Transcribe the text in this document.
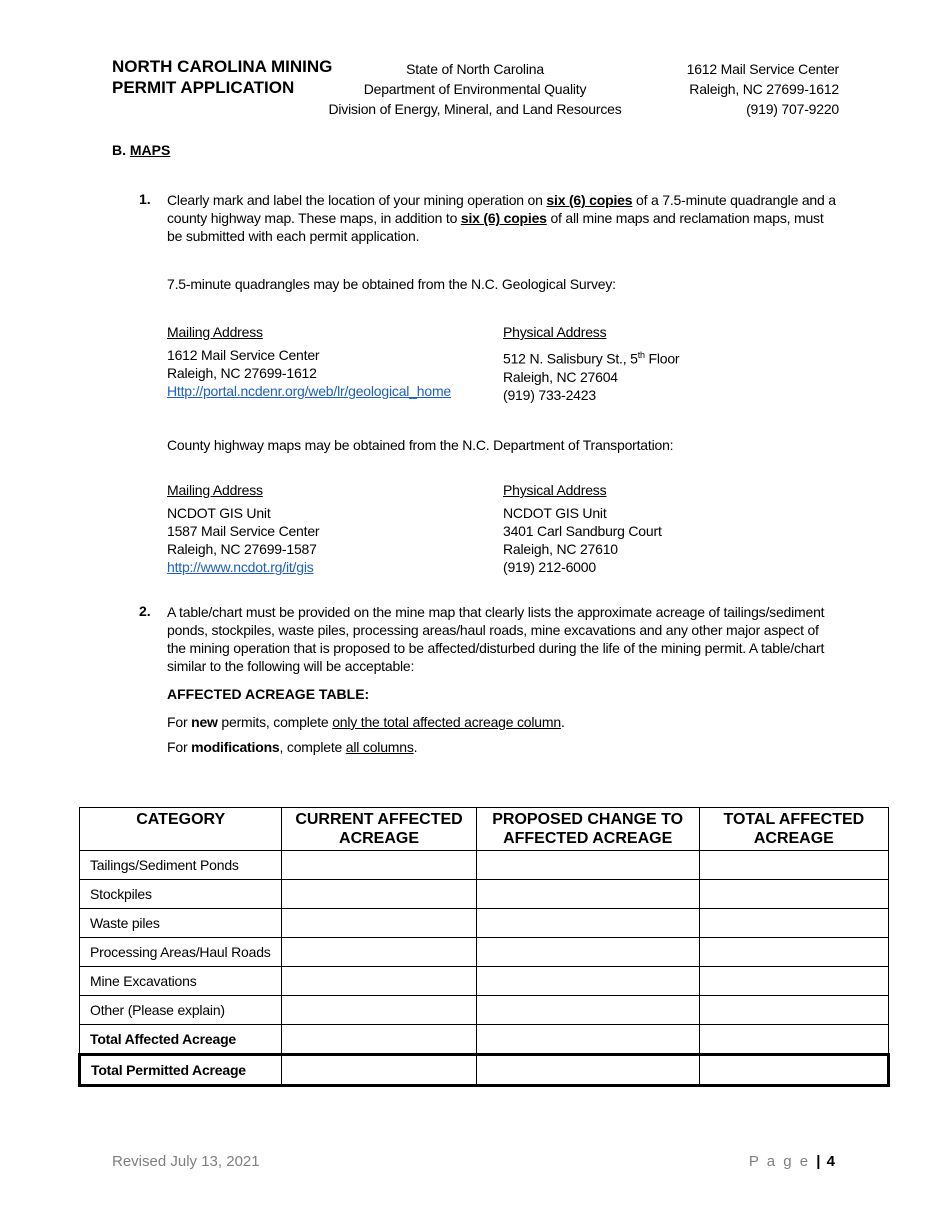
NORTH CAROLINA MINING
PERMIT APPLICATION
State of North Carolina
Department of Environmental Quality
Division of Energy, Mineral, and Land Resources
1612 Mail Service Center
Raleigh, NC 27699-1612
(919) 707-9220
B. MAPS
1. Clearly mark and label the location of your mining operation on six (6) copies of a 7.5-minute quadrangle and a county highway map. These maps, in addition to six (6) copies of all mine maps and reclamation maps, must be submitted with each permit application.
7.5-minute quadrangles may be obtained from the N.C. Geological Survey:
Mailing Address
1612 Mail Service Center
Raleigh, NC 27699-1612
Http://portal.ncdenr.org/web/lr/geological_home
Physical Address
512 N. Salisbury St., 5th Floor
Raleigh, NC 27604
(919) 733-2423
County highway maps may be obtained from the N.C. Department of Transportation:
Mailing Address
NCDOT GIS Unit
1587 Mail Service Center
Raleigh, NC 27699-1587
http://www.ncdot.rg/it/gis
Physical Address
NCDOT GIS Unit
3401 Carl Sandburg Court
Raleigh, NC 27610
(919) 212-6000
2. A table/chart must be provided on the mine map that clearly lists the approximate acreage of tailings/sediment ponds, stockpiles, waste piles, processing areas/haul roads, mine excavations and any other major aspect of the mining operation that is proposed to be affected/disturbed during the life of the mining permit. A table/chart similar to the following will be acceptable:
AFFECTED ACREAGE TABLE:
For new permits, complete only the total affected acreage column.
For modifications, complete all columns.
CATEGORY	CURRENT AFFECTED ACREAGE	PROPOSED CHANGE TO AFFECTED ACREAGE	TOTAL AFFECTED ACREAGE
Tailings/Sediment Ponds			
Stockpiles			
Waste piles			
Processing Areas/Haul Roads			
Mine Excavations			
Other (Please explain)			
Total Affected Acreage			
Total Permitted Acreage			
Revised July 13, 2021	P a g e | 4
